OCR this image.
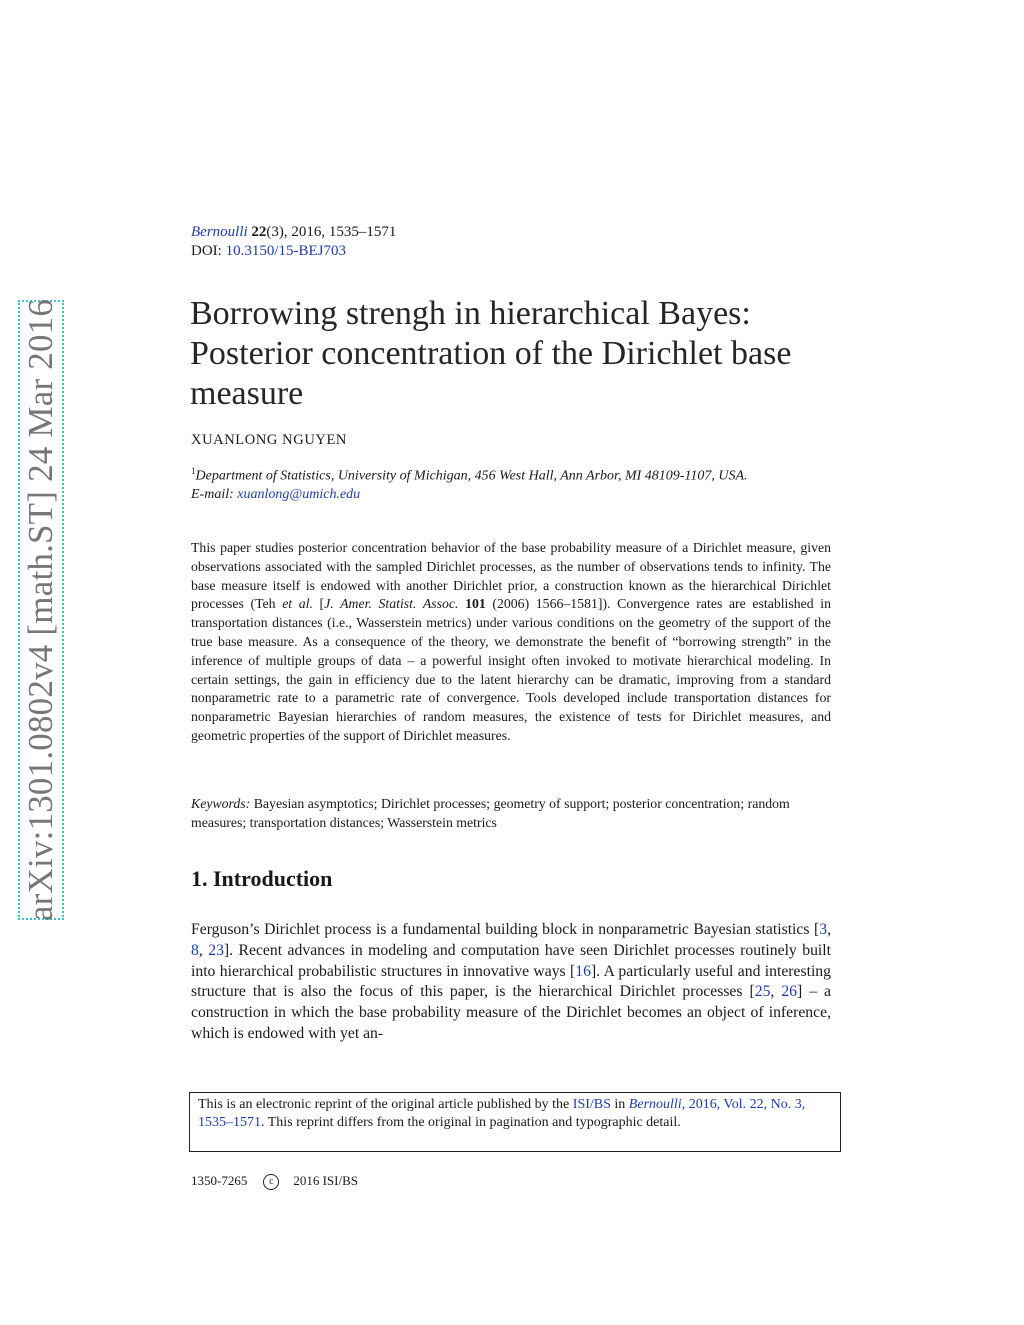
arXiv:1301.0802v4 [math.ST] 24 Mar 2016
Bernoulli 22(3), 2016, 1535–1571
DOI: 10.3150/15-BEJ703
Borrowing strengh in hierarchical Bayes: Posterior concentration of the Dirichlet base measure
XUANLONG NGUYEN
$^1$Department of Statistics, University of Michigan, 456 West Hall, Ann Arbor, MI 48109-1107, USA.
E-mail: xuanlong@umich.edu
This paper studies posterior concentration behavior of the base probability measure of a Dirichlet measure, given observations associated with the sampled Dirichlet processes, as the number of observations tends to infinity. The base measure itself is endowed with another Dirichlet prior, a construction known as the hierarchical Dirichlet processes (Teh et al. [J. Amer. Statist. Assoc. 101 (2006) 1566–1581]). Convergence rates are established in transportation distances (i.e., Wasserstein metrics) under various conditions on the geometry of the support of the true base measure. As a consequence of the theory, we demonstrate the benefit of “borrowing strength” in the inference of multiple groups of data – a powerful insight often invoked to motivate hierarchical modeling. In certain settings, the gain in efficiency due to the latent hierarchy can be dramatic, improving from a standard nonparametric rate to a parametric rate of convergence. Tools developed include transportation distances for nonparametric Bayesian hierarchies of random measures, the existence of tests for Dirichlet measures, and geometric properties of the support of Dirichlet measures.
Keywords: Bayesian asymptotics; Dirichlet processes; geometry of support; posterior concentration; random measures; transportation distances; Wasserstein metrics
1. Introduction
Ferguson’s Dirichlet process is a fundamental building block in nonparametric Bayesian statistics [3, 8, 23]. Recent advances in modeling and computation have seen Dirichlet processes routinely built into hierarchical probabilistic structures in innovative ways [16]. A particularly useful and interesting structure that is also the focus of this paper, is the hierarchical Dirichlet processes [25, 26] – a construction in which the base probability measure of the Dirichlet becomes an object of inference, which is endowed with yet an-
This is an electronic reprint of the original article published by the ISI/BS in Bernoulli, 2016, Vol. 22, No. 3, 1535–1571. This reprint differs from the original in pagination and typographic detail.
1350-7265 c 2016 ISI/BS
